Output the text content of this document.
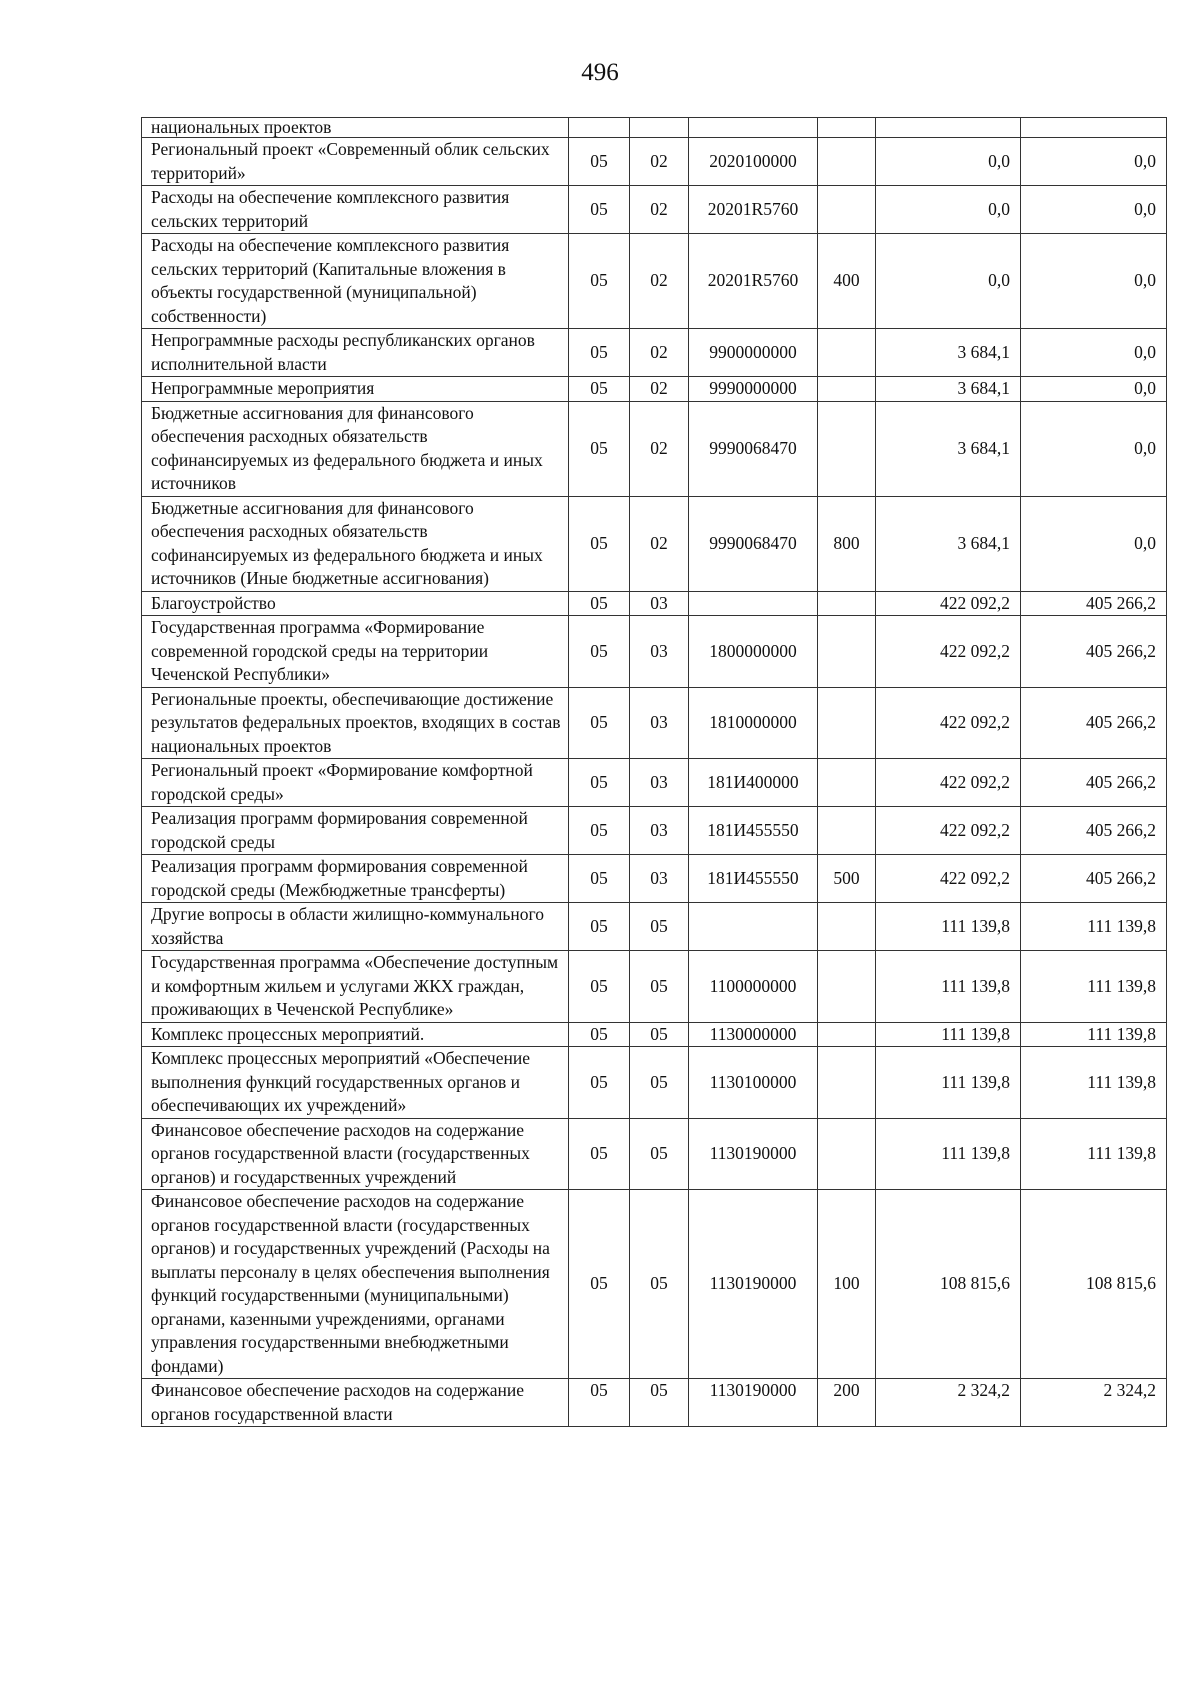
496
национальных проектов						
Региональный проект «Современный облик сельских территорий»	05	02	2020100000		0,0	0,0
Расходы на обеспечение комплексного развития сельских территорий	05	02	20201R5760		0,0	0,0
Расходы на обеспечение комплексного развития сельских территорий (Капитальные вложения в объекты государственной (муниципальной) собственности)	05	02	20201R5760	400	0,0	0,0
Непрограммные расходы республиканских органов исполнительной власти	05	02	9900000000		3 684,1	0,0
Непрограммные мероприятия	05	02	9990000000		3 684,1	0,0
Бюджетные ассигнования для финансового обеспечения расходных обязательств софинансируемых из федерального бюджета и иных источников	05	02	9990068470		3 684,1	0,0
Бюджетные ассигнования для финансового обеспечения расходных обязательств софинансируемых из федерального бюджета и иных источников (Иные бюджетные ассигнования)	05	02	9990068470	800	3 684,1	0,0
Благоустройство	05	03			422 092,2	405 266,2
Государственная программа «Формирование современной городской среды на территории Чеченской Республики»	05	03	1800000000		422 092,2	405 266,2
Региональные проекты, обеспечивающие достижение результатов федеральных проектов, входящих в состав национальных проектов	05	03	1810000000		422 092,2	405 266,2
Региональный проект «Формирование комфортной городской среды»	05	03	181И400000		422 092,2	405 266,2
Реализация программ формирования современной городской среды	05	03	181И455550		422 092,2	405 266,2
Реализация программ формирования современной городской среды (Межбюджетные трансферты)	05	03	181И455550	500	422 092,2	405 266,2
Другие вопросы в области жилищно-коммунального хозяйства	05	05			111 139,8	111 139,8
Государственная программа «Обеспечение доступным и комфортным жильем и услугами ЖКХ граждан, проживающих в Чеченской Республике»	05	05	1100000000		111 139,8	111 139,8
Комплекс процессных мероприятий.	05	05	1130000000		111 139,8	111 139,8
Комплекс процессных мероприятий «Обеспечение выполнения функций государственных органов и обеспечивающих их учреждений»	05	05	1130100000		111 139,8	111 139,8
Финансовое обеспечение расходов на содержание органов государственной власти (государственных органов) и государственных учреждений	05	05	1130190000		111 139,8	111 139,8
Финансовое обеспечение расходов на содержание органов государственной власти (государственных органов) и государственных учреждений (Расходы на выплаты персоналу в целях обеспечения выполнения функций государственными (муниципальными) органами, казенными учреждениями, органами управления государственными внебюджетными фондами)	05	05	1130190000	100	108 815,6	108 815,6
Финансовое обеспечение расходов на содержание органов государственной власти	05	05	1130190000	200	2 324,2	2 324,2
